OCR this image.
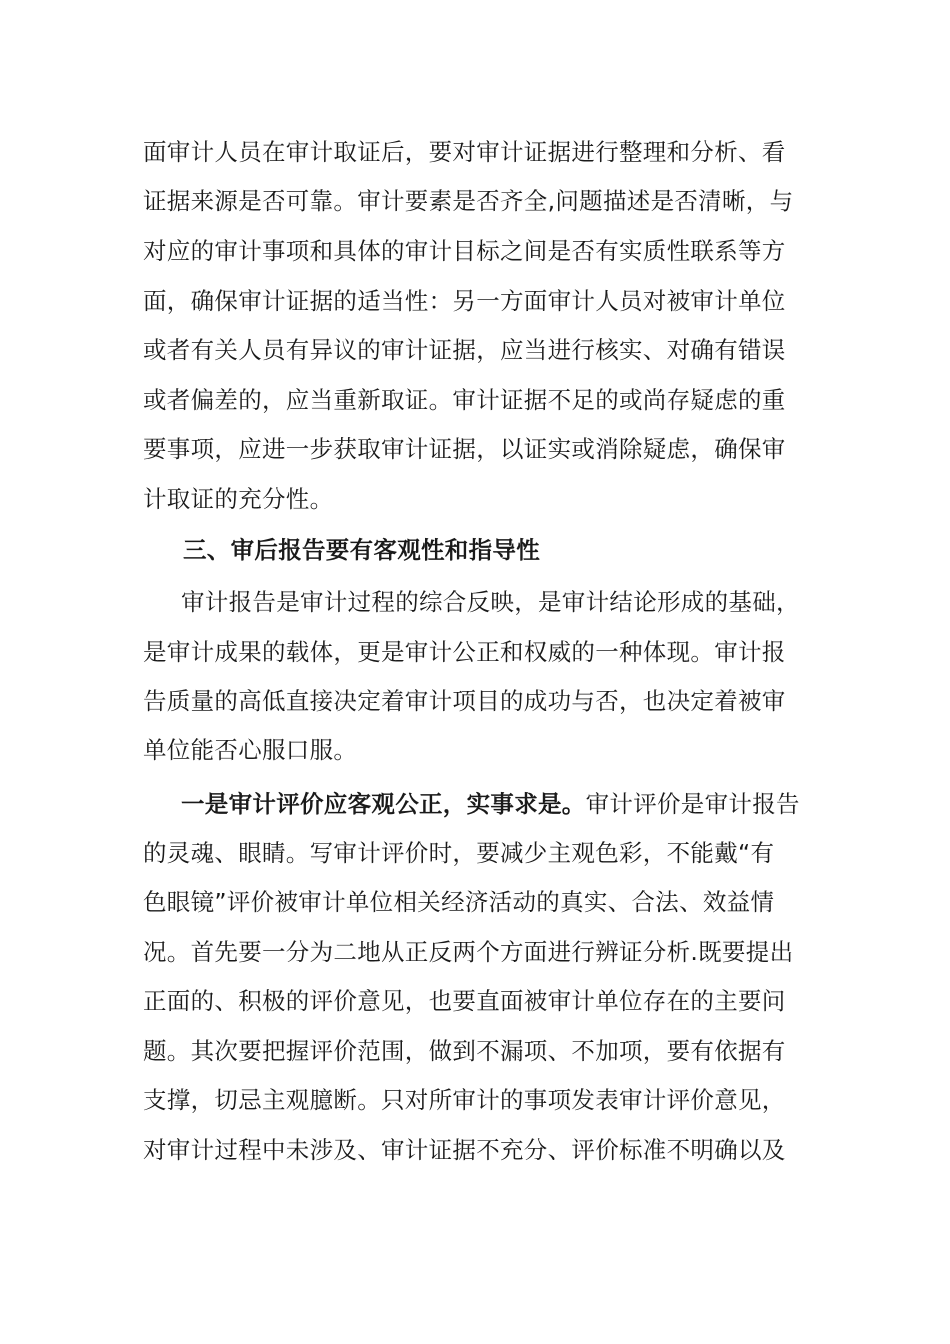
面审计人员在审计取证后，要对审计证据进行整理和分析、看
证据来源是否可靠。审计要素是否齐全,问题描述是否清晰，与
对应的审计事项和具体的审计目标之间是否有实质性联系等方
面，确保审计证据的适当性：另一方面审计人员对被审计单位
或者有关人员有异议的审计证据，应当进行核实、对确有错误
或者偏差的，应当重新取证。审计证据不足的或尚存疑虑的重
要事项，应进一步获取审计证据，以证实或消除疑虑，确保审
计取证的充分性。
三、审后报告要有客观性和指导性
审计报告是审计过程的综合反映，是审计结论形成的基础，
是审计成果的载体，更是审计公正和权威的一种体现。审计报
告质量的高低直接决定着审计项目的成功与否，也决定着被审
单位能否心服口服。
一是审计评价应客观公正，实事求是。审计评价是审计报告
的灵魂、眼睛。写审计评价时，要减少主观色彩，不能戴“有
色眼镜”评价被审计单位相关经济活动的真实、合法、效益情
况。首先要一分为二地从正反两个方面进行辨证分析.既要提出
正面的、积极的评价意见，也要直面被审计单位存在的主要问
题。其次要把握评价范围，做到不漏项、不加项，要有依据有
支撑，切忌主观臆断。只对所审计的事项发表审计评价意见，
对审计过程中未涉及、审计证据不充分、评价标准不明确以及
